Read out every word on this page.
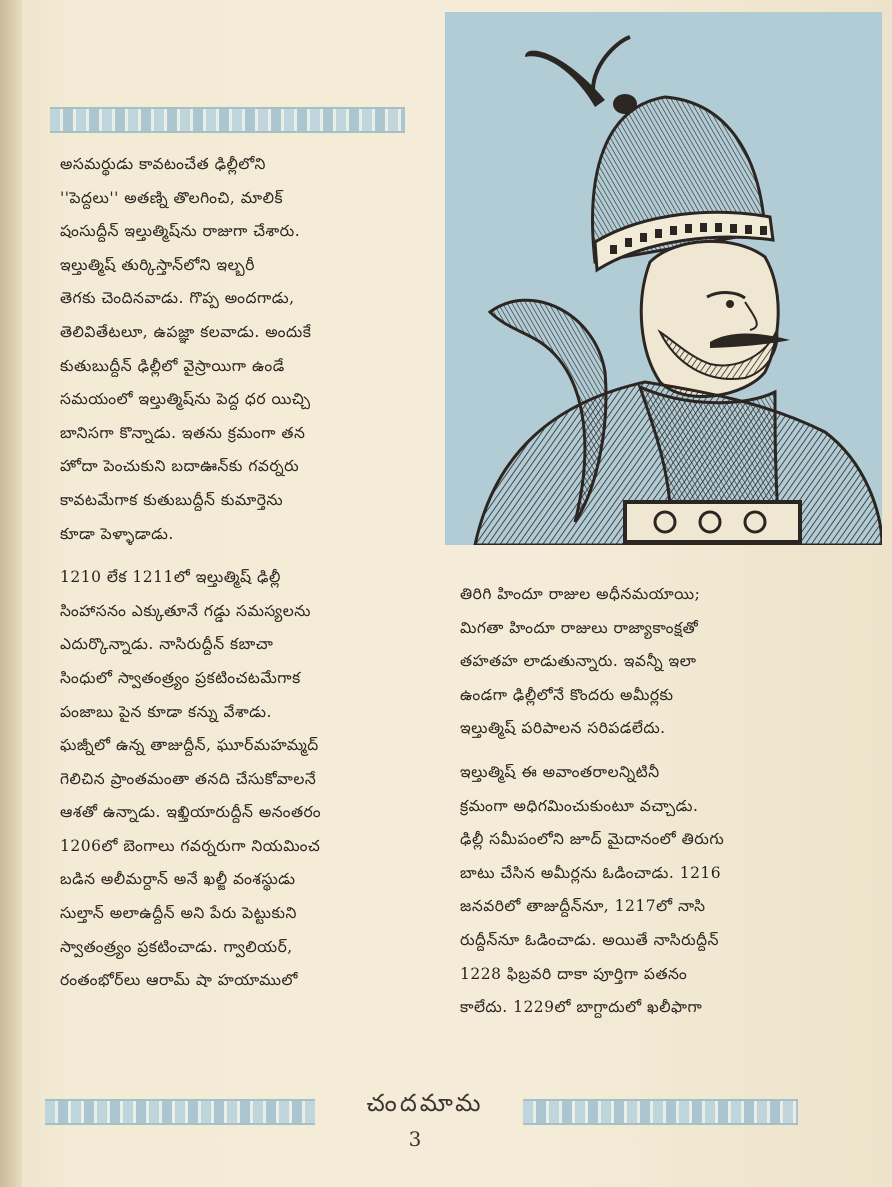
అసమర్థుడు కావటంచేత ఢిల్లీలోని
''పెద్దలు'' అతణ్ని తొలగించి, మాలిక్
షంసుద్దీన్ ఇల్తుత్మిష్‌ను రాజుగా చేశారు.
ఇల్తుత్మిష్ తుర్కిస్తాన్‌లోని ఇల్బరీ
తెగకు చెందినవాడు. గొప్ప అందగాడు,
తెలివితేటలూ, ఉపజ్ఞా కలవాడు. అందుకే
కుతుబుద్దీన్ ఢిల్లీలో వైస్రాయిగా ఉండే
సమయంలో ఇల్తుత్మిష్‌ను పెద్ద ధర యిచ్చి
బానిసగా కొన్నాడు. ఇతను క్రమంగా తన
హోదా పెంచుకుని బదాఊన్‌కు గవర్నరు
కావటమేగాక కుతుబుద్దీన్ కుమార్తెను
కూడా పెళ్ళాడాడు.
1210 లేక 1211లో ఇల్తుత్మిష్ ఢిల్లీ
సింహాసనం ఎక్కుతూనే గడ్డు సమస్యలను
ఎదుర్కొన్నాడు. నాసిరుద్దీన్ కబాచా
సింధులో స్వాతంత్ర్యం ప్రకటించటమేగాక
పంజాబు పైన కూడా కన్ను వేశాడు.
ఘజ్నీలో ఉన్న తాజుద్దీన్, ఘూర్‌మహమ్మద్
గెలిచిన ప్రాంతమంతా తనది చేసుకోవాలనే
ఆశతో ఉన్నాడు. ఇఖ్తియారుద్దీన్ అనంతరం
1206లో బెంగాలు గవర్నరుగా నియమించ
బడిన అలీమర్దాన్ అనే ఖల్జీ వంశస్థుడు
సుల్తాన్ అలాఉద్దీన్ అని పేరు పెట్టుకుని
స్వాతంత్ర్యం ప్రకటించాడు. గ్వాలియర్,
రంతంభోర్‌లు ఆరామ్ షా హయాములో
తిరిగి హిందూ రాజుల అధీనమయాయి;
మిగతా హిందూ రాజులు రాజ్యాకాంక్షతో
తహతహ లాడుతున్నారు. ఇవన్నీ ఇలా
ఉండగా ఢిల్లీలోనే కొందరు అమీర్లకు
ఇల్తుత్మిష్ పరిపాలన సరిపడలేదు.
ఇల్తుత్మిష్ ఈ అవాంతరాలన్నిటినీ
క్రమంగా అధిగమించుకుంటూ వచ్చాడు.
ఢిల్లీ సమీపంలోని జూద్ మైదానంలో తిరుగు
బాటు చేసిన అమీర్లను ఓడించాడు. 1216
జనవరిలో తాజుద్దీన్‌నూ, 1217లో నాసి
రుద్దీన్‌నూ ఓడించాడు. అయితే నాసిరుద్దీన్
1228 ఫిబ్రవరి దాకా పూర్తిగా పతనం
కాలేదు. 1229లో బాగ్దాదులో ఖలీఫాగా
చందమామ
3
